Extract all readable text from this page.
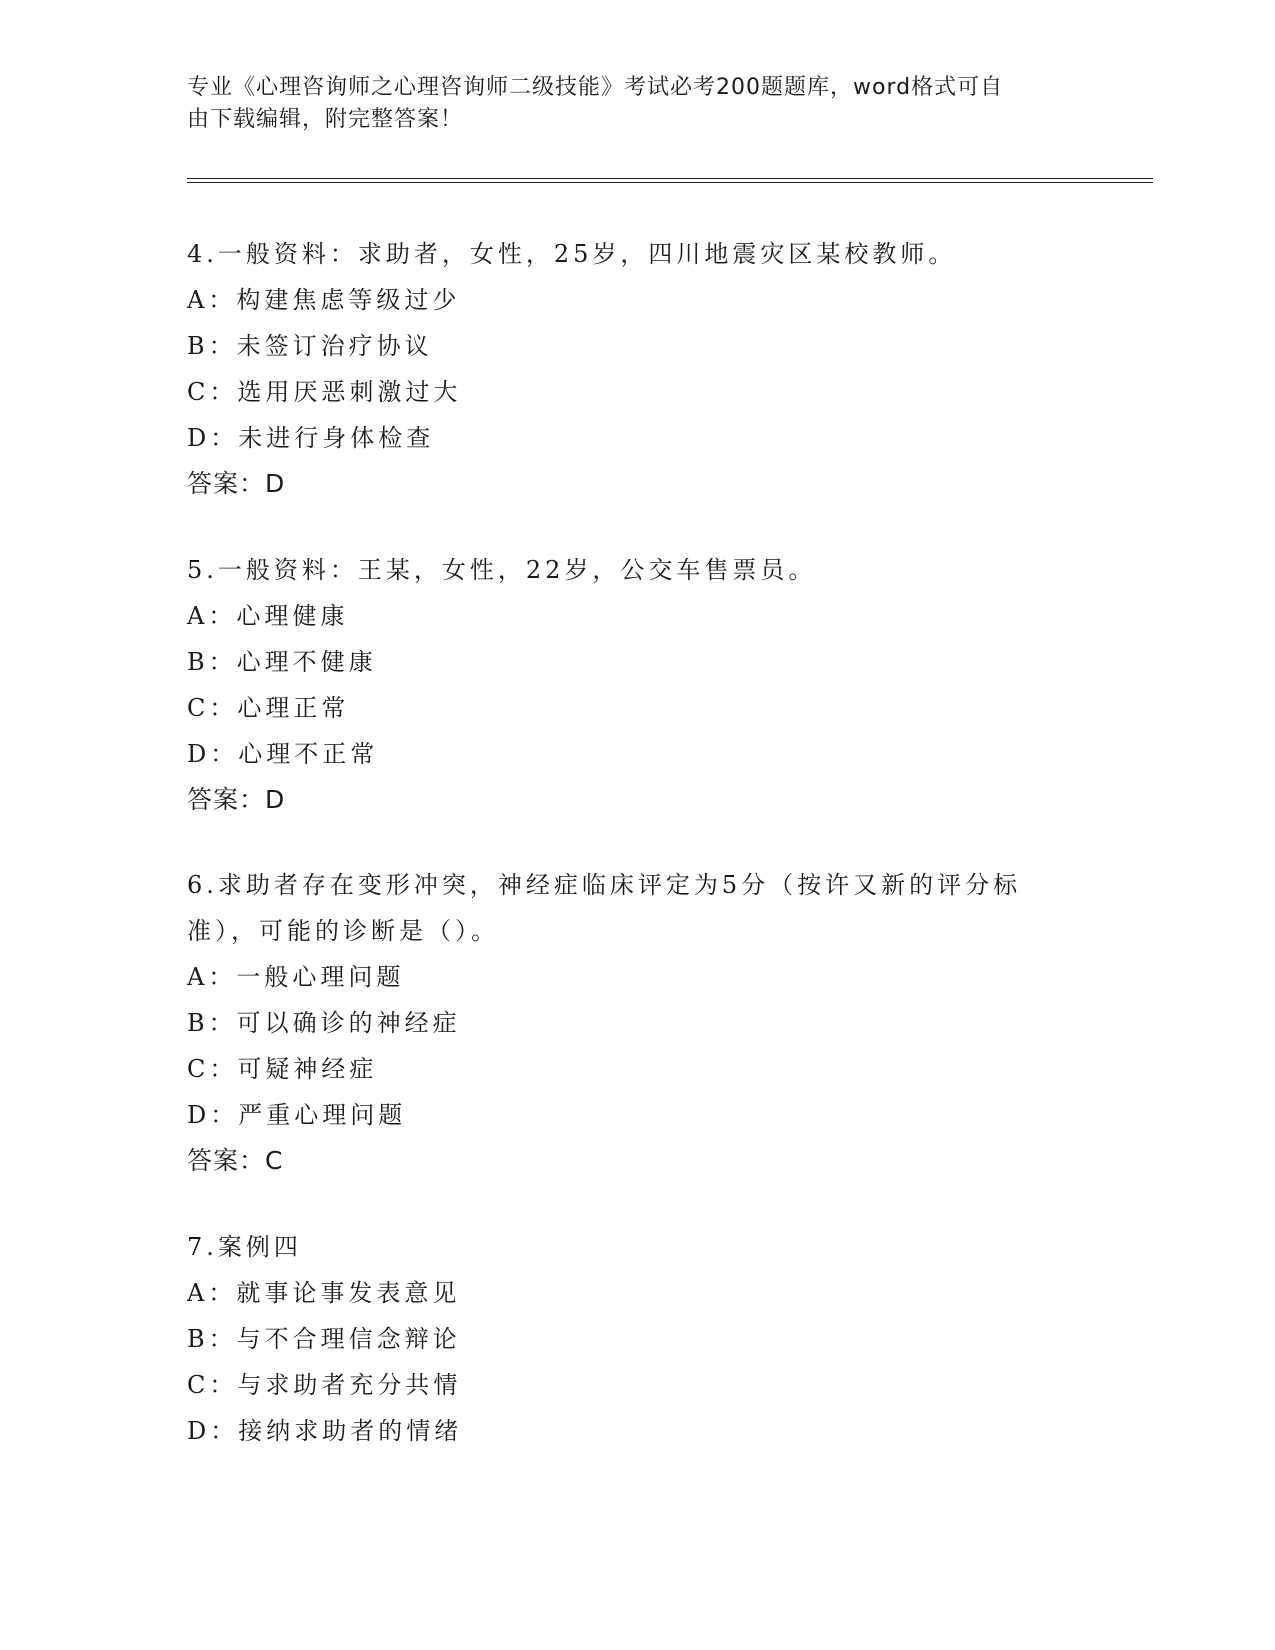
专业《心理咨询师之心理咨询师二级技能》考试必考200题题库，word格式可自
由下载编辑，附完整答案！

4.一般资料：求助者，女性，25岁，四川地震灾区某校教师。

A：构建焦虑等级过少

B：未签订治疗协议

C：选用厌恶刺激过大

D：未进行身体检查

答案：D

5.一般资料：王某，女性，22岁，公交车售票员。

A：心理健康

B：心理不健康

C：心理正常

D：心理不正常

答案：D

6.求助者存在变形冲突，神经症临床评定为5分（按许又新的评分标

准），可能的诊断是（）。

A：一般心理问题

B：可以确诊的神经症

C：可疑神经症

D：严重心理问题

答案：C

7.案例四

A：就事论事发表意见

B：与不合理信念辩论

C：与求助者充分共情

D：接纳求助者的情绪
